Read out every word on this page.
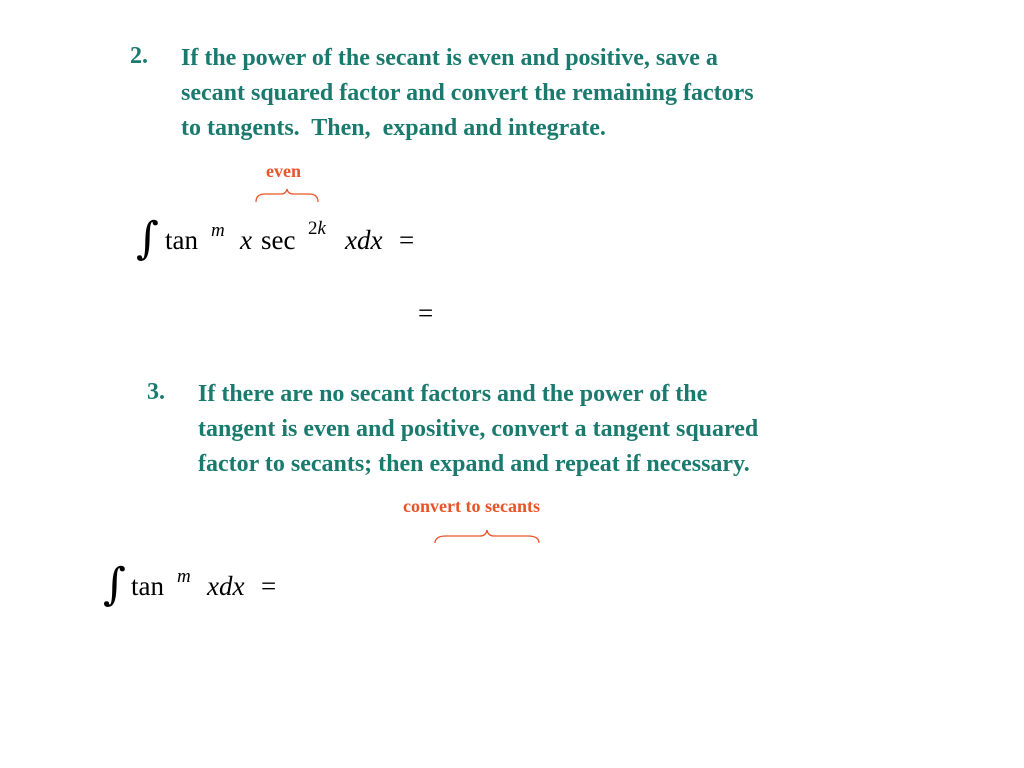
2. If the power of the secant is even and positive, save a
secant squared factor and convert the remaining factors
to tangents.  Then,  expand and integrate.
even
∫ tan m x sec 2k xdx =
=
3. If there are no secant factors and the power of the
tangent is even and positive, convert a tangent squared
factor to secants; then expand and repeat if necessary.
convert to secants
∫ tan m xdx =
